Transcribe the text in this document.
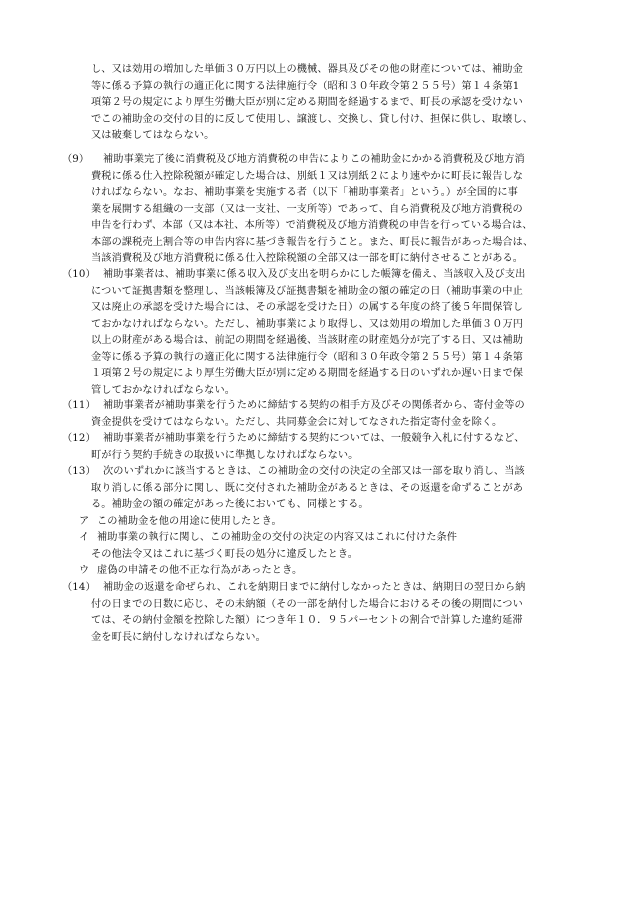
し、又は効用の増加した単価３０万円以上の機械、器具及びその他の財産については、補助金
等に係る予算の執行の適正化に関する法律施行令（昭和３０年政令第２５５号）第１４条第1
項第２号の規定により厚生労働大臣が別に定める期間を経過するまで、町長の承認を受けない
でこの補助金の交付の目的に反して使用し、譲渡し、交換し、貸し付け、担保に供し、取壊し、
又は破棄してはならない。
（9） 補助事業完了後に消費税及び地方消費税の申告によりこの補助金にかかる消費税及び地方消
費税に係る仕入控除税額が確定した場合は、別紙１又は別紙２により速やかに町長に報告しな
ければならない。なお、補助事業を実施する者（以下「補助事業者」という。）が全国的に事
業を展開する組織の一支部（又は一支社、一支所等）であって、自ら消費税及び地方消費税の
申告を行わず、本部（又は本社、本所等）で消費税及び地方消費税の申告を行っている場合は、
本部の課税売上割合等の申告内容に基づき報告を行うこと。また、町長に報告があった場合は、
当該消費税及び地方消費税に係る仕入控除税額の全部又は一部を町に納付させることがある。
（10） 補助事業者は、補助事業に係る収入及び支出を明らかにした帳簿を備え、当該収入及び支出
について証拠書類を整理し、当該帳簿及び証拠書類を補助金の額の確定の日（補助事業の中止
又は廃止の承認を受けた場合には、その承認を受けた日）の属する年度の終了後５年間保管し
ておかなければならない。ただし、補助事業により取得し、又は効用の増加した単価３０万円
以上の財産がある場合は、前記の期間を経過後、当該財産の財産処分が完了する日、又は補助
金等に係る予算の執行の適正化に関する法律施行令（昭和３０年政令第２５５号）第１４条第
１項第２号の規定により厚生労働大臣が別に定める期間を経過する日のいずれか遅い日まで保
管しておかなければならない。
（11） 補助事業者が補助事業を行うために締結する契約の相手方及びその関係者から、寄付金等の
資金提供を受けてはならない。ただし、共同募金会に対してなされた指定寄付金を除く。
（12） 補助事業者が補助事業を行うために締結する契約については、一般競争入札に付するなど、
町が行う契約手続きの取扱いに準拠しなければならない。
（13） 次のいずれかに該当するときは、この補助金の交付の決定の全部又は一部を取り消し、当該
取り消しに係る部分に関し、既に交付された補助金があるときは、その返還を命ずることがあ
る。補助金の額の確定があった後においても、同様とする。
ア この補助金を他の用途に使用したとき。
イ 補助事業の執行に関し、この補助金の交付の決定の内容又はこれに付けた条件
その他法令又はこれに基づく町長の処分に違反したとき。
ウ 虚偽の申請その他不正な行為があったとき。
（14） 補助金の返還を命ぜられ、これを納期日までに納付しなかったときは、納期日の翌日から納
付の日までの日数に応じ、その未納額（その一部を納付した場合におけるその後の期間につい
ては、その納付金額を控除した額）につき年１０．９５パーセントの割合で計算した違約延滞
金を町長に納付しなければならない。
